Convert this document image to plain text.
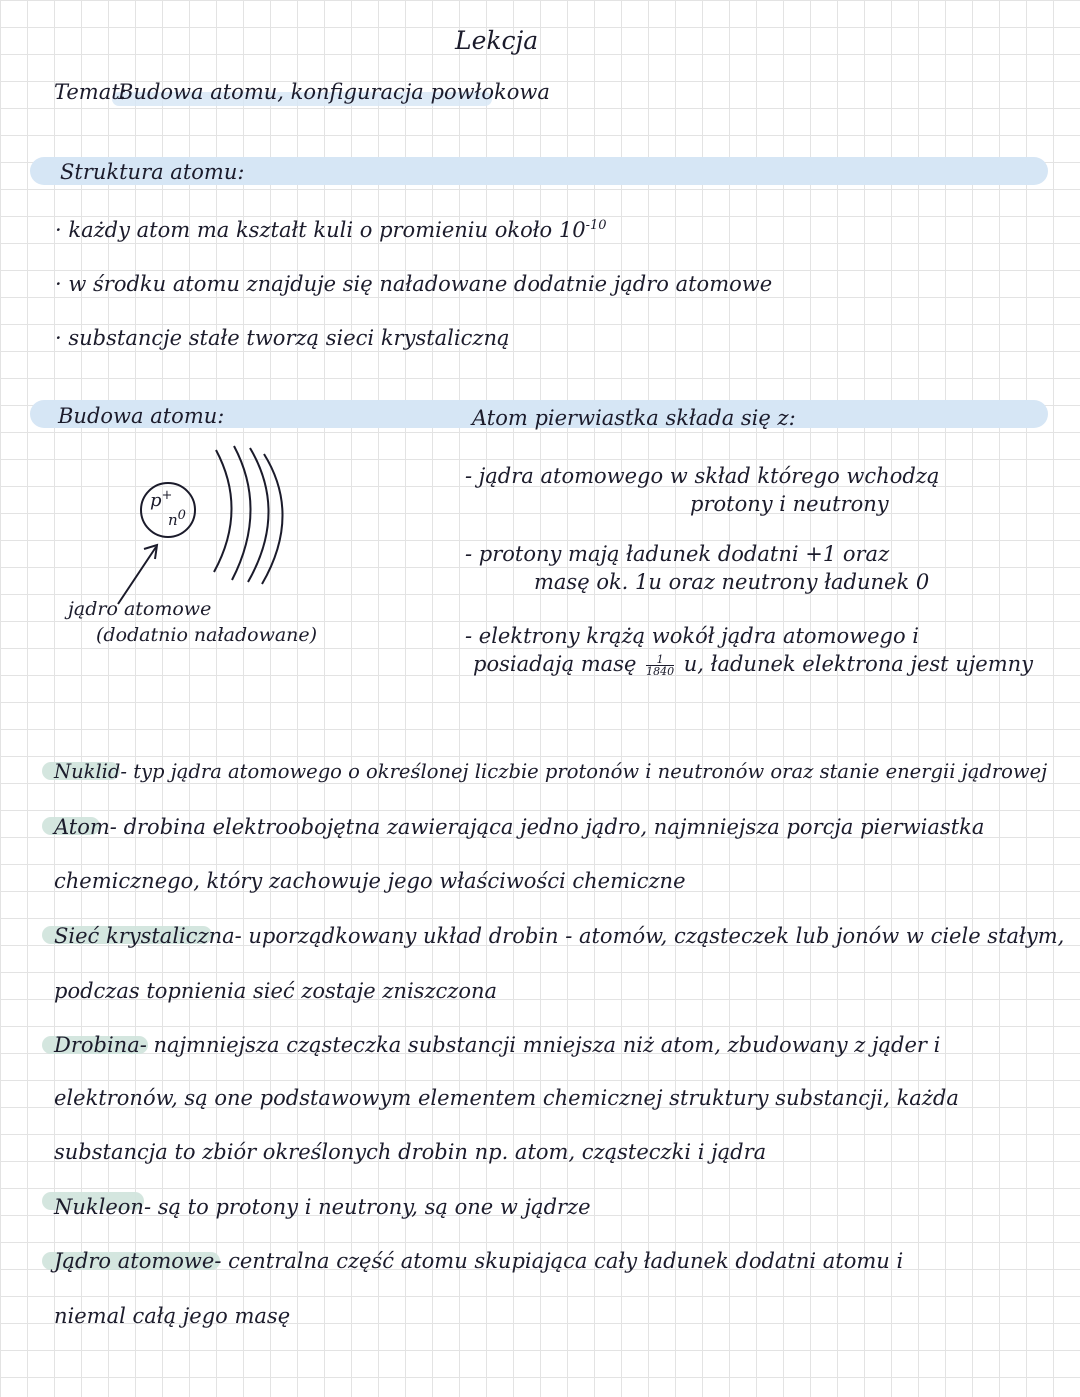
Lekcja
Temat:
Budowa atomu, konfiguracja powłokowa
Struktura atomu:
· każdy atom ma kształt kuli o promieniu około $10^{-10}$
· w środku atomu znajduje się naładowane dodatnie jądro atomowe
· substancje stałe tworzą sieci krystaliczną
Budowa atomu:	Atom pierwiastka składa się z:
p+
n0
jądro atomowe
(dodatnio naładowane)
- jądra atomowego w skład którego wchodzą
protony i neutrony
- protony mają ładunek dodatni +1 oraz
masę ok. 1u oraz neutrony ładunek 0
- elektrony krążą wokół jądra atomowego i
posiadają masę $\frac{1}{1840} u$, ładunek elektrona jest ujemny
Nuklid- typ jądra atomowego o określonej liczbie protonów i neutronów oraz stanie energii jądrowej
Atom- drobina elektroobojętna zawierająca jedno jądro, najmniejsza porcja pierwiastka
chemicznego, który zachowuje jego właściwości chemiczne
Sieć krystaliczna- uporządkowany układ drobin - atomów, cząsteczek lub jonów w ciele stałym,
podczas topnienia sieć zostaje zniszczona
Drobina- najmniejsza cząsteczka substancji mniejsza niż atom, zbudowany z jąder i
elektronów, są one podstawowym elementem chemicznej struktury substancji, każda
substancja to zbiór określonych drobin np. atom, cząsteczki i jądra
Nukleon- są to protony i neutrony, są one w jądrze
Jądro atomowe- centralna część atomu skupiająca cały ładunek dodatni atomu i
niemal całą jego masę
